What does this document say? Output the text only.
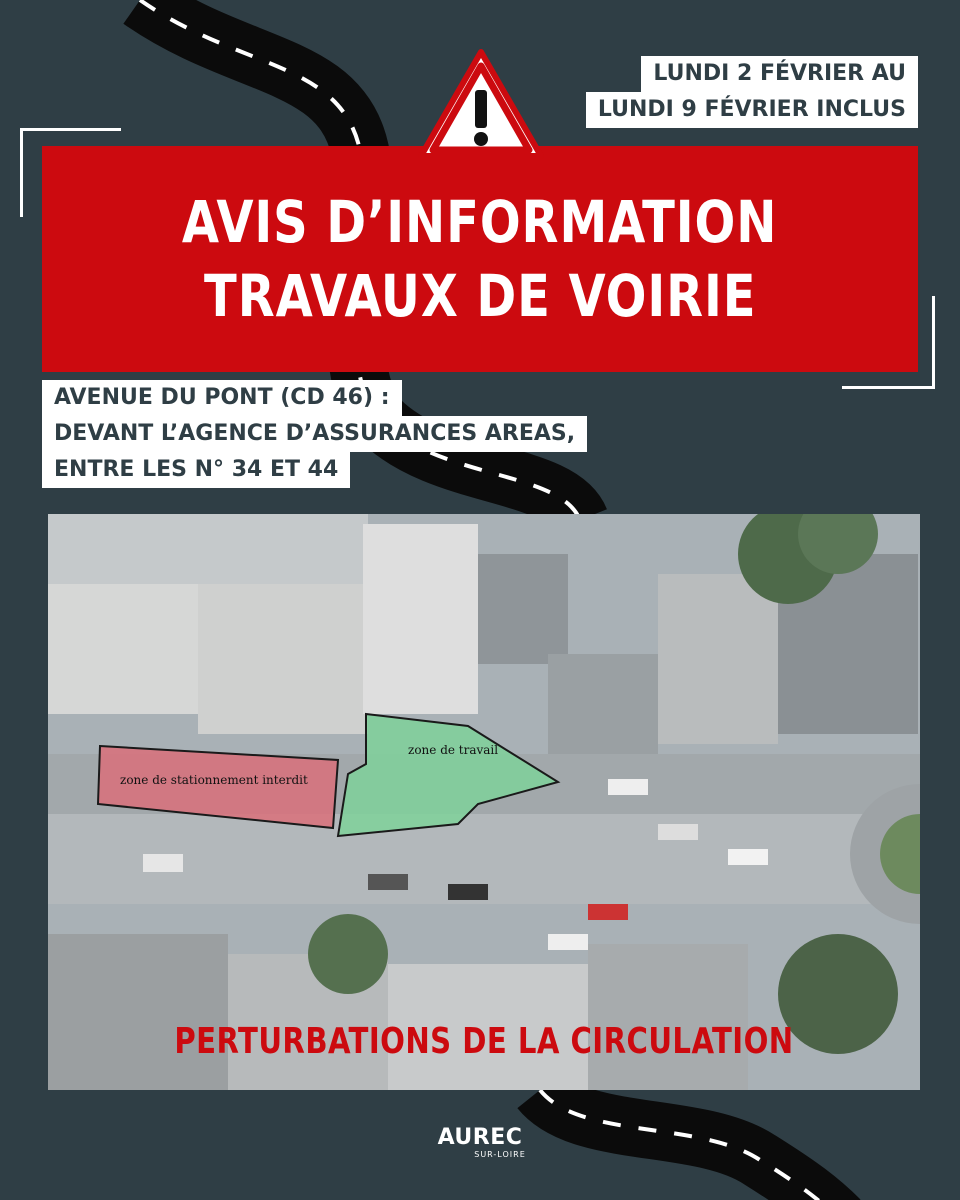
LUNDI 2 FÉVRIER AU
LUNDI 9 FÉVRIER INCLUS
AVIS D’INFORMATION
TRAVAUX DE VOIRIE
AVENUE DU PONT (CD 46) :
DEVANT L’AGENCE D’ASSURANCES AREAS,
ENTRE LES N° 34 ET 44
zone de stationnement interdit
zone de travail
PERTURBATIONS DE LA CIRCULATION
AUREC
SUR-LOIRE
